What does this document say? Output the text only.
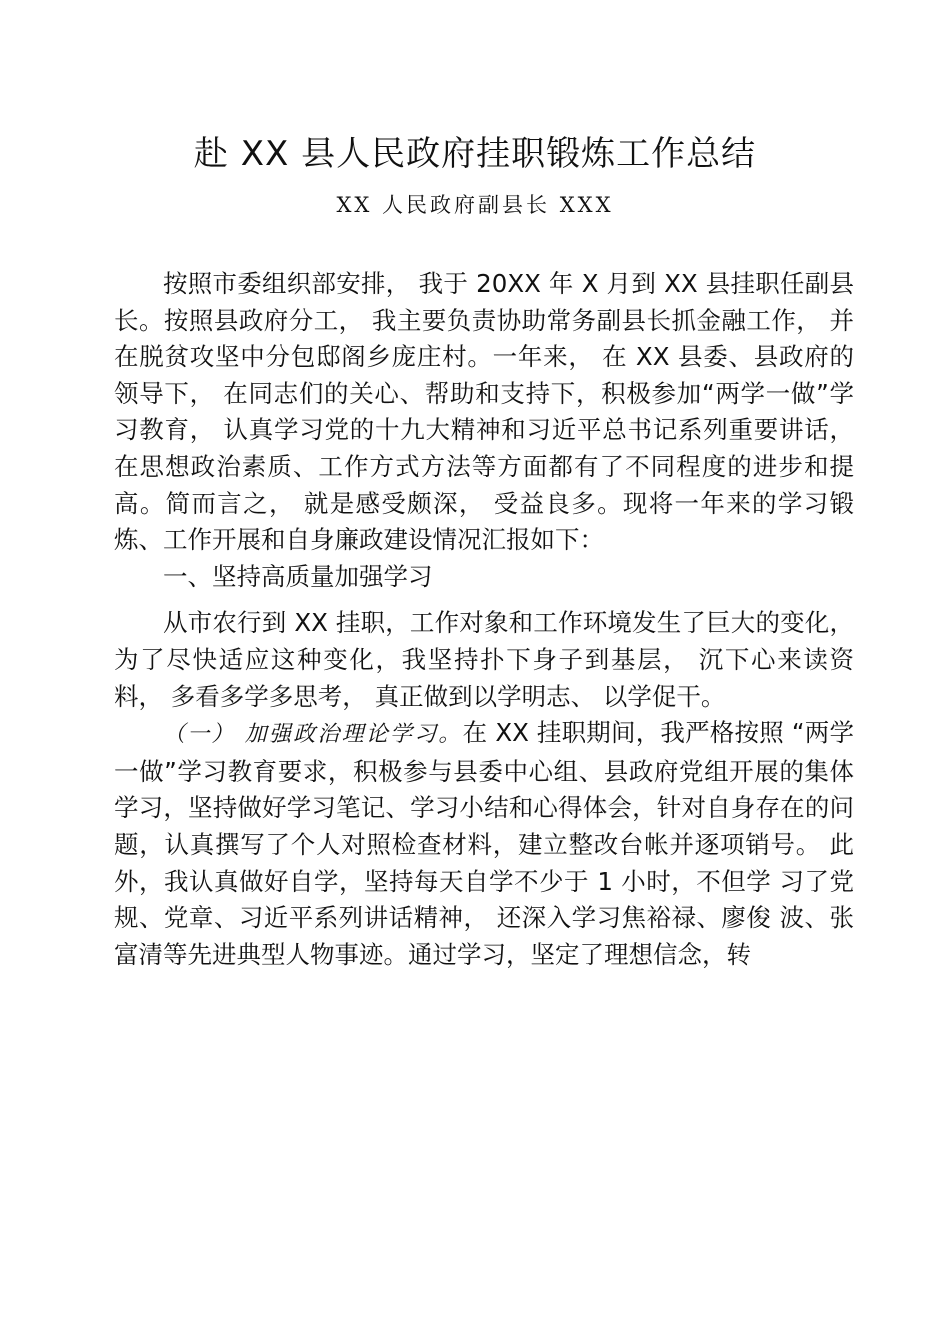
赴 XX 县人民政府挂职锻炼工作总结
XX 人民政府副县长 XXX

按照市委组织部安排， 我于 20XX 年 X 月到 XX 县挂职任副县长。按照县政府分工， 我主要负责协助常务副县长抓金融工作， 并在脱贫攻坚中分包邸阁乡庞庄村。一年来， 在 XX 县委、县政府的领导下， 在同志们的关心、帮助和支持下，积极参加“两学一做”学习教育， 认真学习党的十九大精神和习近平总书记系列重要讲话， 在思想政治素质、工作方式方法等方面都有了不同程度的进步和提高。简而言之， 就是感受颇深， 受益良多。现将一年来的学习锻炼、工作开展和自身廉政建设情况汇报如下：

一、坚持高质量加强学习

从市农行到 XX 挂职，工作对象和工作环境发生了巨大的变化， 为了尽快适应这种变化，我坚持扑下身子到基层， 沉下心来读资料， 多看多学多思考， 真正做到以学明志、 以学促干。

（一） 加强政治理论学习。在 XX 挂职期间，我严格按照 “两学一做”学习教育要求，积极参与县委中心组、县政府党组开展的集体学习，坚持做好学习笔记、学习小结和心得体会，针对自身存在的问题，认真撰写了个人对照检查材料，建立整改台帐并逐项销号。 此外，我认真做好自学，坚持每天自学不少于 1 小时，不但学 习了党规、党章、习近平系列讲话精神， 还深入学习焦裕禄、廖俊 波、张富清等先进典型人物事迹。通过学习，坚定了理想信念，转
